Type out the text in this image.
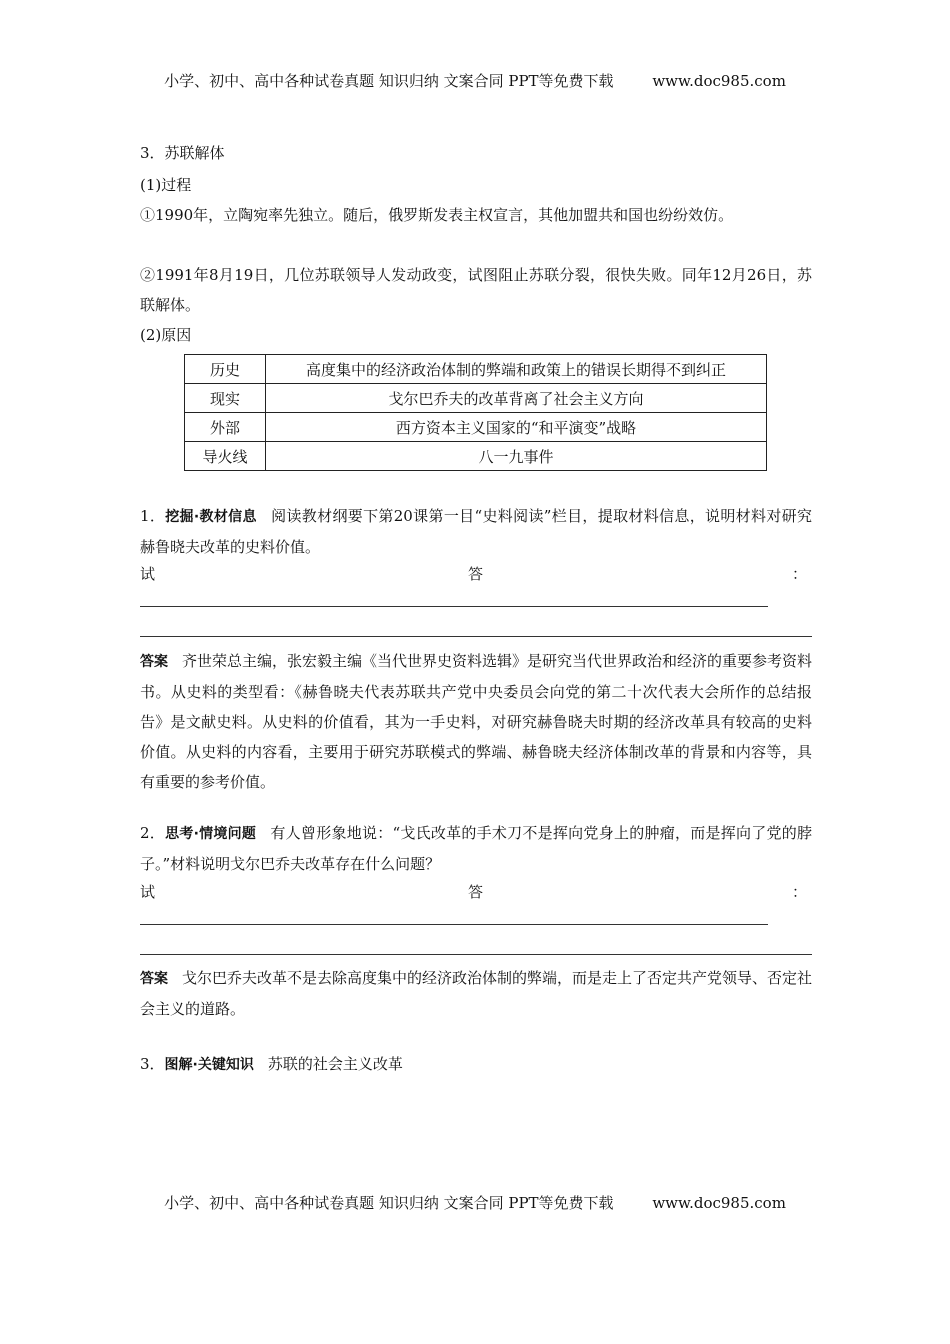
小学、初中、高中各种试卷真题 知识归纳 文案合同 PPT等免费下载	www.doc985.com
3．苏联解体
(1)过程
①1990年，立陶宛率先独立。随后，俄罗斯发表主权宣言，其他加盟共和国也纷纷效仿。
②1991年8月19日，几位苏联领导人发动政变，试图阻止苏联分裂，很快失败。同年12月26日，苏联解体。
(2)原因
历史	高度集中的经济政治体制的弊端和政策上的错误长期得不到纠正
现实	戈尔巴乔夫的改革背离了社会主义方向
外部	西方资本主义国家的“和平演变”战略
导火线	八一九事件
1．挖掘·教材信息 阅读教材纲要下第20课第一目“史料阅读”栏目，提取材料信息，说明材料对研究赫鲁晓夫改革的史料价值。
试	答	：
答案 齐世荣总主编，张宏毅主编《当代世界史资料选辑》是研究当代世界政治和经济的重要参考资料书。从史料的类型看：《赫鲁晓夫代表苏联共产党中央委员会向党的第二十次代表大会所作的总结报告》是文献史料。从史料的价值看，其为一手史料，对研究赫鲁晓夫时期的经济改革具有较高的史料价值。从史料的内容看，主要用于研究苏联模式的弊端、赫鲁晓夫经济体制改革的背景和内容等，具有重要的参考价值。
2．思考·情境问题 有人曾形象地说：“戈氏改革的手术刀不是挥向党身上的肿瘤，而是挥向了党的脖子。”材料说明戈尔巴乔夫改革存在什么问题？
试	答	：
答案 戈尔巴乔夫改革不是去除高度集中的经济政治体制的弊端，而是走上了否定共产党领导、否定社会主义的道路。
3．图解·关键知识 苏联的社会主义改革
小学、初中、高中各种试卷真题 知识归纳 文案合同 PPT等免费下载	www.doc985.com
